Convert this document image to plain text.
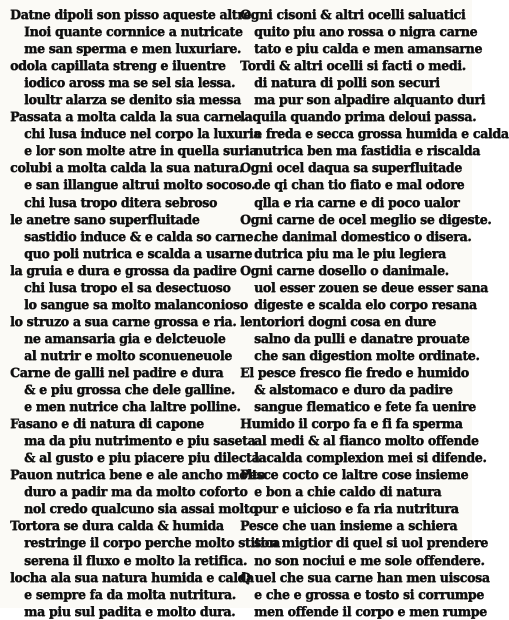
Datne dipoli son pisso aqueste altre
Inoi quante cornnice a nutricate
me san sperma e men luxuriare.
odola capillata streng e iluentre
iodico aross ma se sel sia lessa.
loultr alarza se denito sia messa
Passata a molta calda la sua carne.
chi lusa induce nel corpo la luxuria
e lor son molte atre in quella suria
colubi a molta calda la sua natura.
e san illangue altrui molto socoso.
chi lusa tropo ditera sebroso
le anetre sano superfluitade
sastidio induce & e calda so carne.
quo poli nutrica e scalda a usarne
la gruia e dura e grossa da padire
chi lusa tropo el sa desectuoso
lo sangue sa molto malanconioso
lo struzo a sua carne grossa e ria.
ne amansaria gia e delcteuole
al nutrir e molto sconueneuole
Carne de galli nel padire e dura
& e piu grossa che dele galline.
e men nutrice cha laltre polline.
Fasano e di natura di capone
ma da piu nutrimento e piu saseta
& al gusto e piu piacere piu dilecta
Pauon nutrica bene e ale ancho molto
duro a padir ma da molto coforto
nol credo qualcuno sia assai molto
Tortora se dura calda & humida
restringe il corpo perche molto stitica
serena il fluxo e molto la retifica.
locha ala sua natura humida e calda
e sempre fa da molta nutritura.
ma piu sul padita e molto dura.
Ogni cisoni & altri ocelli saluatici
quito piu ano rossa o nigra carne
tato e piu calda e men amansarne
Tordi & altri ocelli si facti o medi.
di natura di polli son securi
ma pur son alpadire alquanto duri
laquila quando prima deloui passa.
e freda e secca grossa humida e calda
nutrica ben ma fastidia e riscalda
Ogni ocel daqua sa superfluitade
de qi chan tio fiato e mal odore
qlla e ria carne e di poco ualor
Ogni carne de ocel meglio se digeste.
che danimal domestico o disera.
dutrica piu ma le piu legiera
Ogni carne dosello o danimale.
uol esser zouen se deue esser sana
digeste e scalda elo corpo resana
lentoriori dogni cosa en dure
salno da pulli e danatre prouate
che san digestion molte ordinate.
El pesce fresco fie fredo e humido
& alstomaco e duro da padire
sangue flematico e fete fa uenire
Humido il corpo fa e fi fa sperma
al medi & al fianco molto offende
lacalda complexion mei si difende.
Pesce cocto ce laltre cose insieme
e bon a chie caldo di natura
pur e uicioso e fa ria nutritura
Pesce che uan insieme a schiera
son migtior di quel si uol prendere
no son nociui e me sole offendere.
Q uel che sua carne han men uiscosa
e che e grossa e tosto si corrumpe
men offende il corpo e men rumpe
